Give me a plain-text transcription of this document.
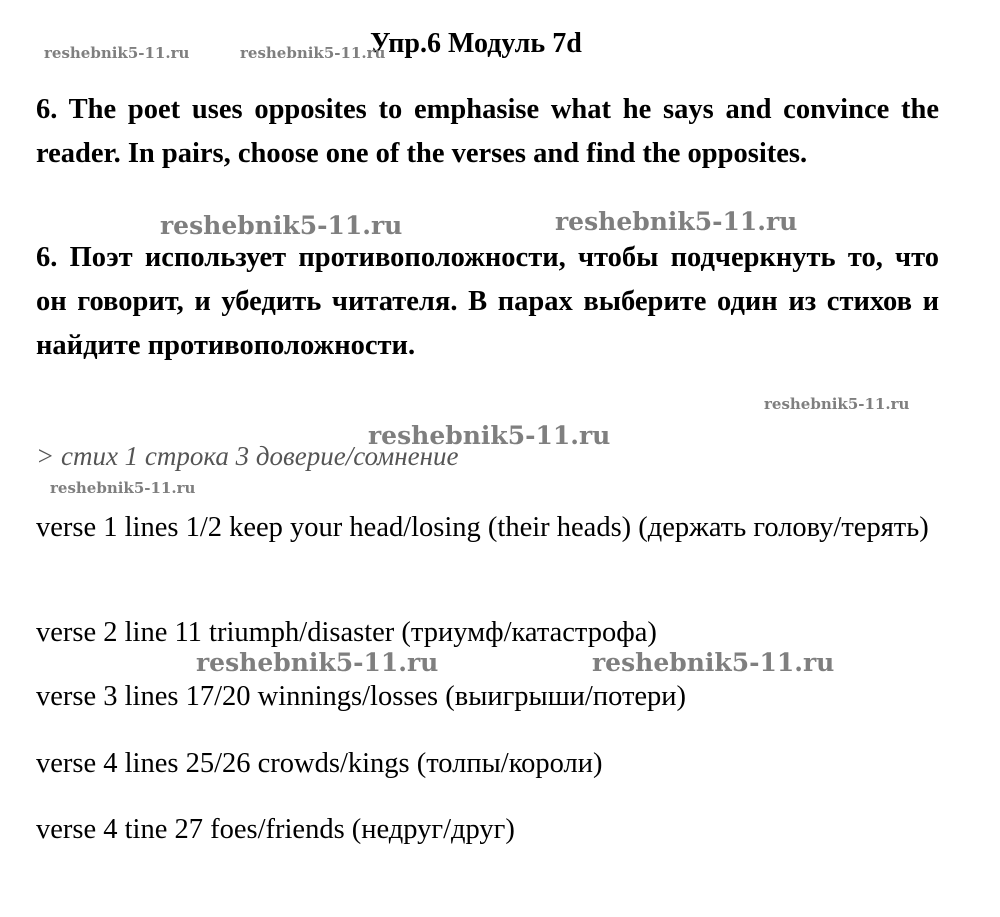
Упр.6 Модуль 7d
6. The poet uses opposites to emphasise what he says and convince the reader. In pairs, choose one of the verses and find the opposites.
6. Поэт использует противоположности, чтобы подчеркнуть то, что он говорит, и убедить читателя. В парах выберите один из стихов и найдите противоположности.
> стих 1 строка 3 доверие/сомнение
verse 1 lines 1/2 keep your head/losing (their heads) (держать голову/терять)
verse 2 line 11 triumph/disaster (триумф/катастрофа)
verse 3 lines 17/20 winnings/losses (выигрыши/потери)
verse 4 lines 25/26 crowds/kings (толпы/короли)
verse 4 tine 27 foes/friends (недруг/друг)
reshebnik5-11.ru	reshebnik5-11.ru
reshebnik5-11.ru	reshebnik5-11.ru
reshebnik5-11.ru
reshebnik5-11.ru
reshebnik5-11.ru
reshebnik5-11.ru	reshebnik5-11.ru
